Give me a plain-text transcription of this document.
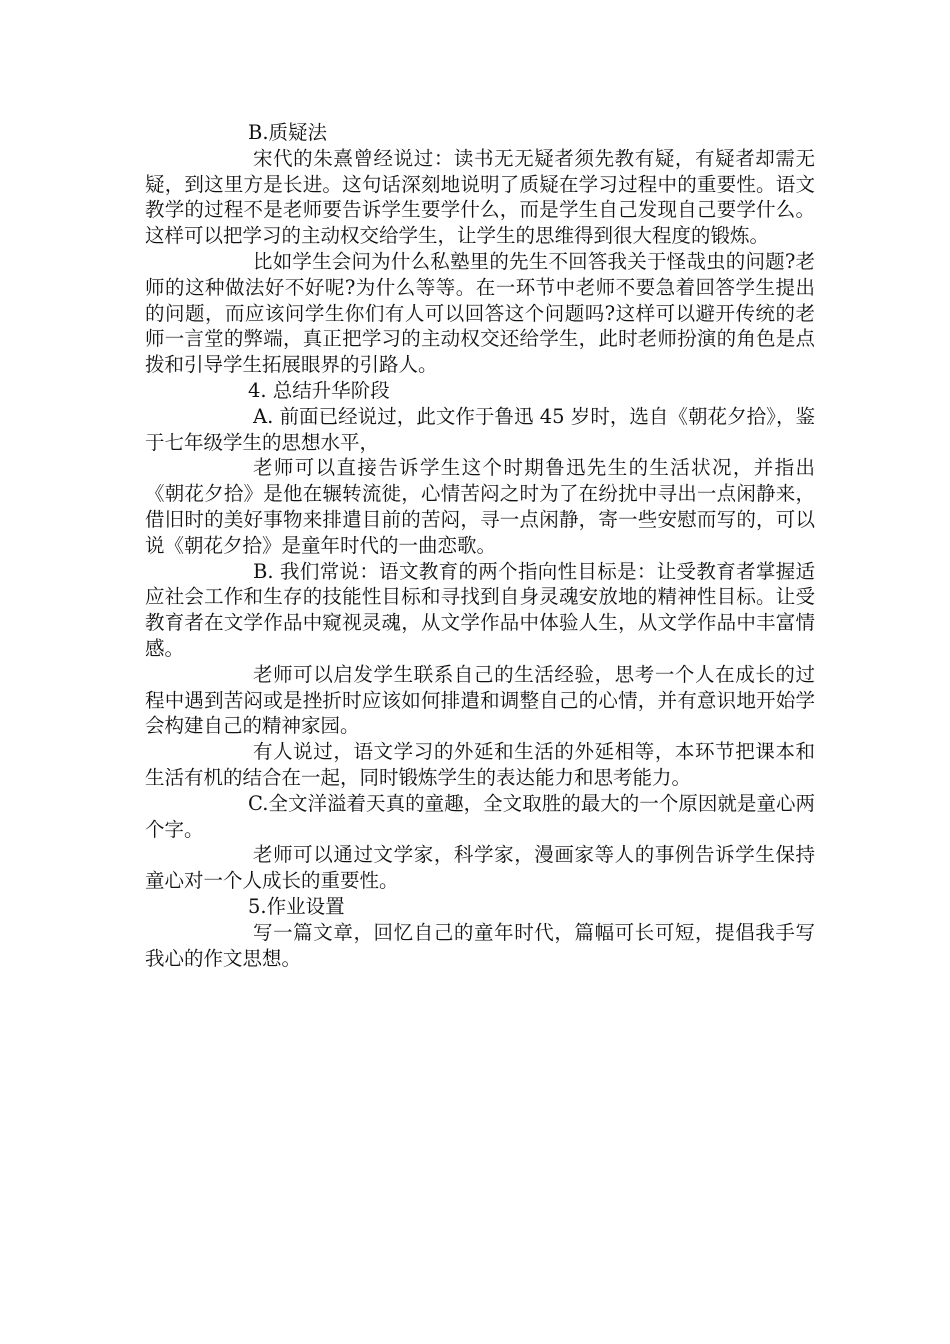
B.质疑法

宋代的朱熹曾经说过：读书无无疑者须先教有疑，有疑者却需无疑，到这里方是长进。这句话深刻地说明了质疑在学习过程中的重要性。语文教学的过程不是老师要告诉学生要学什么，而是学生自己发现自己要学什么。这样可以把学习的主动权交给学生，让学生的思维得到很大程度的锻炼。

比如学生会问为什么私塾里的先生不回答我关于怪哉虫的问题?老师的这种做法好不好呢?为什么等等。在一环节中老师不要急着回答学生提出的问题，而应该问学生你们有人可以回答这个问题吗?这样可以避开传统的老师一言堂的弊端，真正把学习的主动权交还给学生，此时老师扮演的角色是点拨和引导学生拓展眼界的引路人。

4. 总结升华阶段

A. 前面已经说过，此文作于鲁迅 45 岁时，选自《朝花夕拾》，鉴于七年级学生的思想水平，

老师可以直接告诉学生这个时期鲁迅先生的生活状况，并指出《朝花夕拾》是他在辗转流徙，心情苦闷之时为了在纷扰中寻出一点闲静来，借旧时的美好事物来排遣目前的苦闷，寻一点闲静，寄一些安慰而写的，可以说《朝花夕拾》是童年时代的一曲恋歌。

B. 我们常说：语文教育的两个指向性目标是：让受教育者掌握适应社会工作和生存的技能性目标和寻找到自身灵魂安放地的精神性目标。让受教育者在文学作品中窥视灵魂，从文学作品中体验人生，从文学作品中丰富情感。

老师可以启发学生联系自己的生活经验，思考一个人在成长的过程中遇到苦闷或是挫折时应该如何排遣和调整自己的心情，并有意识地开始学会构建自己的精神家园。

有人说过，语文学习的外延和生活的外延相等，本环节把课本和生活有机的结合在一起，同时锻炼学生的表达能力和思考能力。

C.全文洋溢着天真的童趣，全文取胜的最大的一个原因就是童心两个字。

老师可以通过文学家，科学家，漫画家等人的事例告诉学生保持童心对一个人成长的重要性。

5.作业设置

写一篇文章，回忆自己的童年时代，篇幅可长可短，提倡我手写我心的作文思想。
